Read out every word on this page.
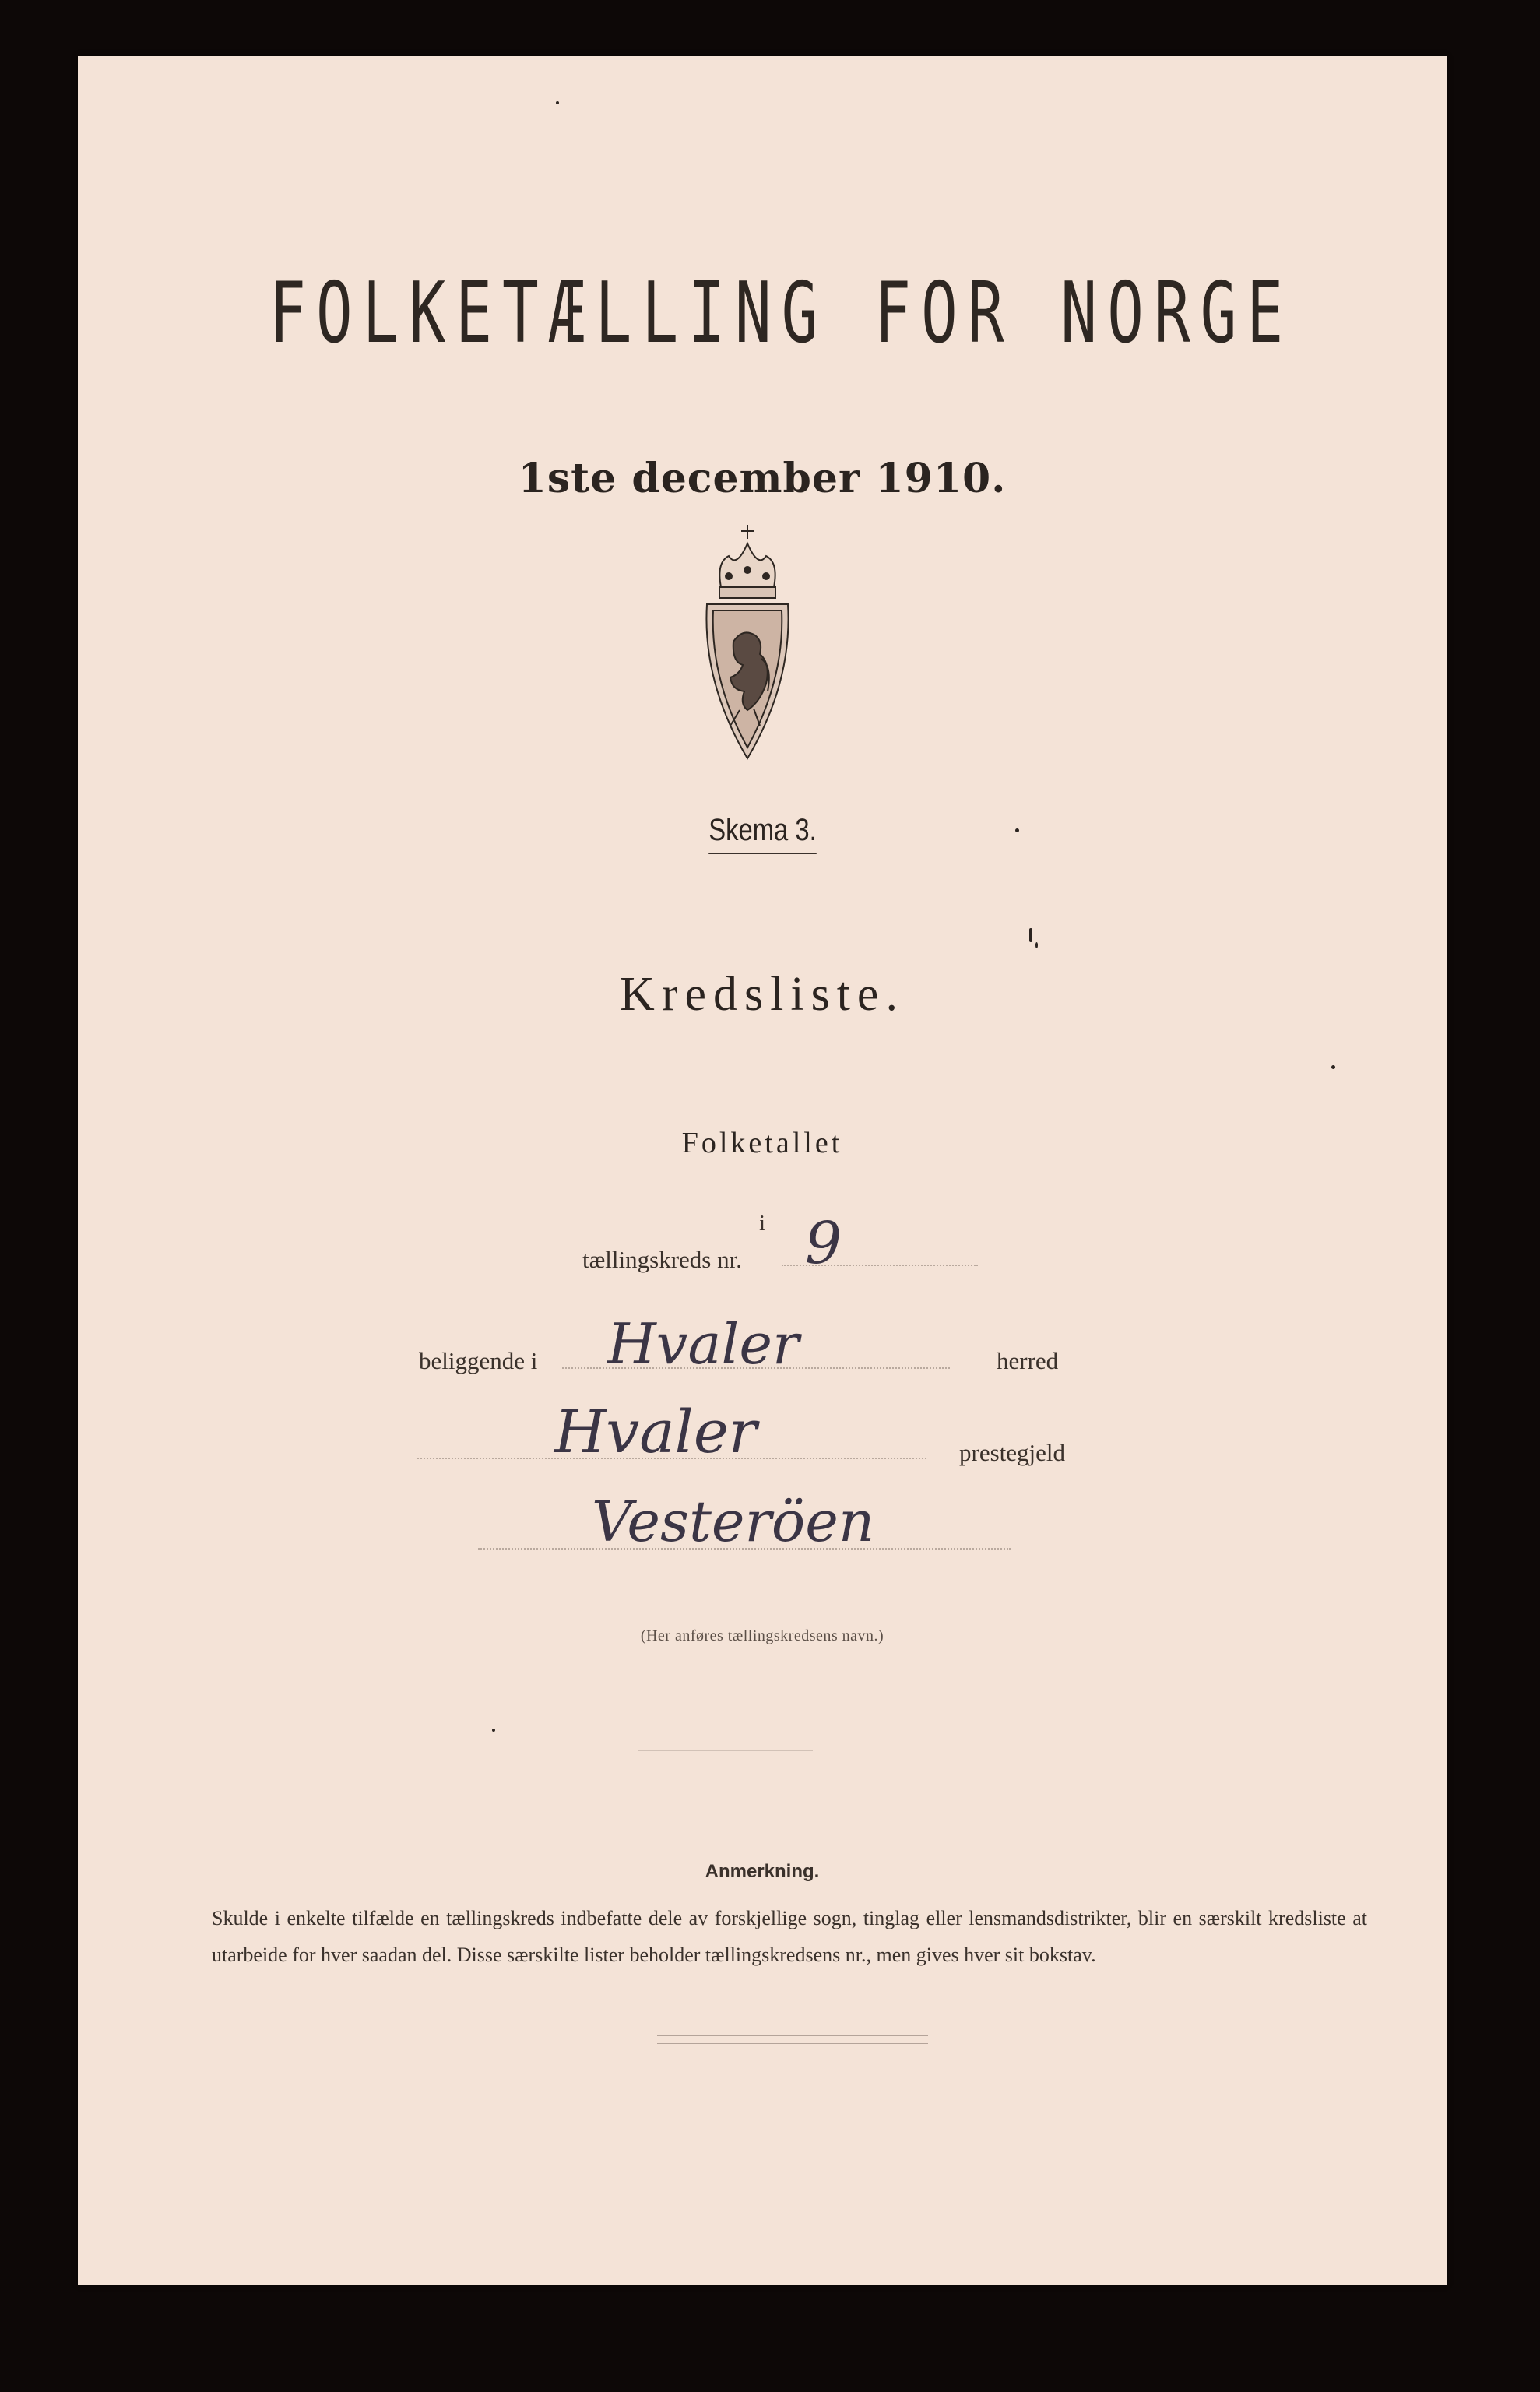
FOLKETÆLLING FOR NORGE
1ste december 1910.
Skema 3.
Kredsliste.
Folketallet
i
tællingskreds nr. 9
beliggende i Hvaler	herred
Hvaler	prestegjeld
Vesteröen
(Her anføres tællingskredsens navn.)
Anmerkning.
Skulde i enkelte tilfælde en tællingskreds indbefatte dele av forskjellige sogn, tinglag eller lensmandsdistrikter, blir en særskilt kredsliste at utarbeide for hver saadan del. Disse særskilte lister beholder tællingskredsens nr., men gives hver sit bokstav.
